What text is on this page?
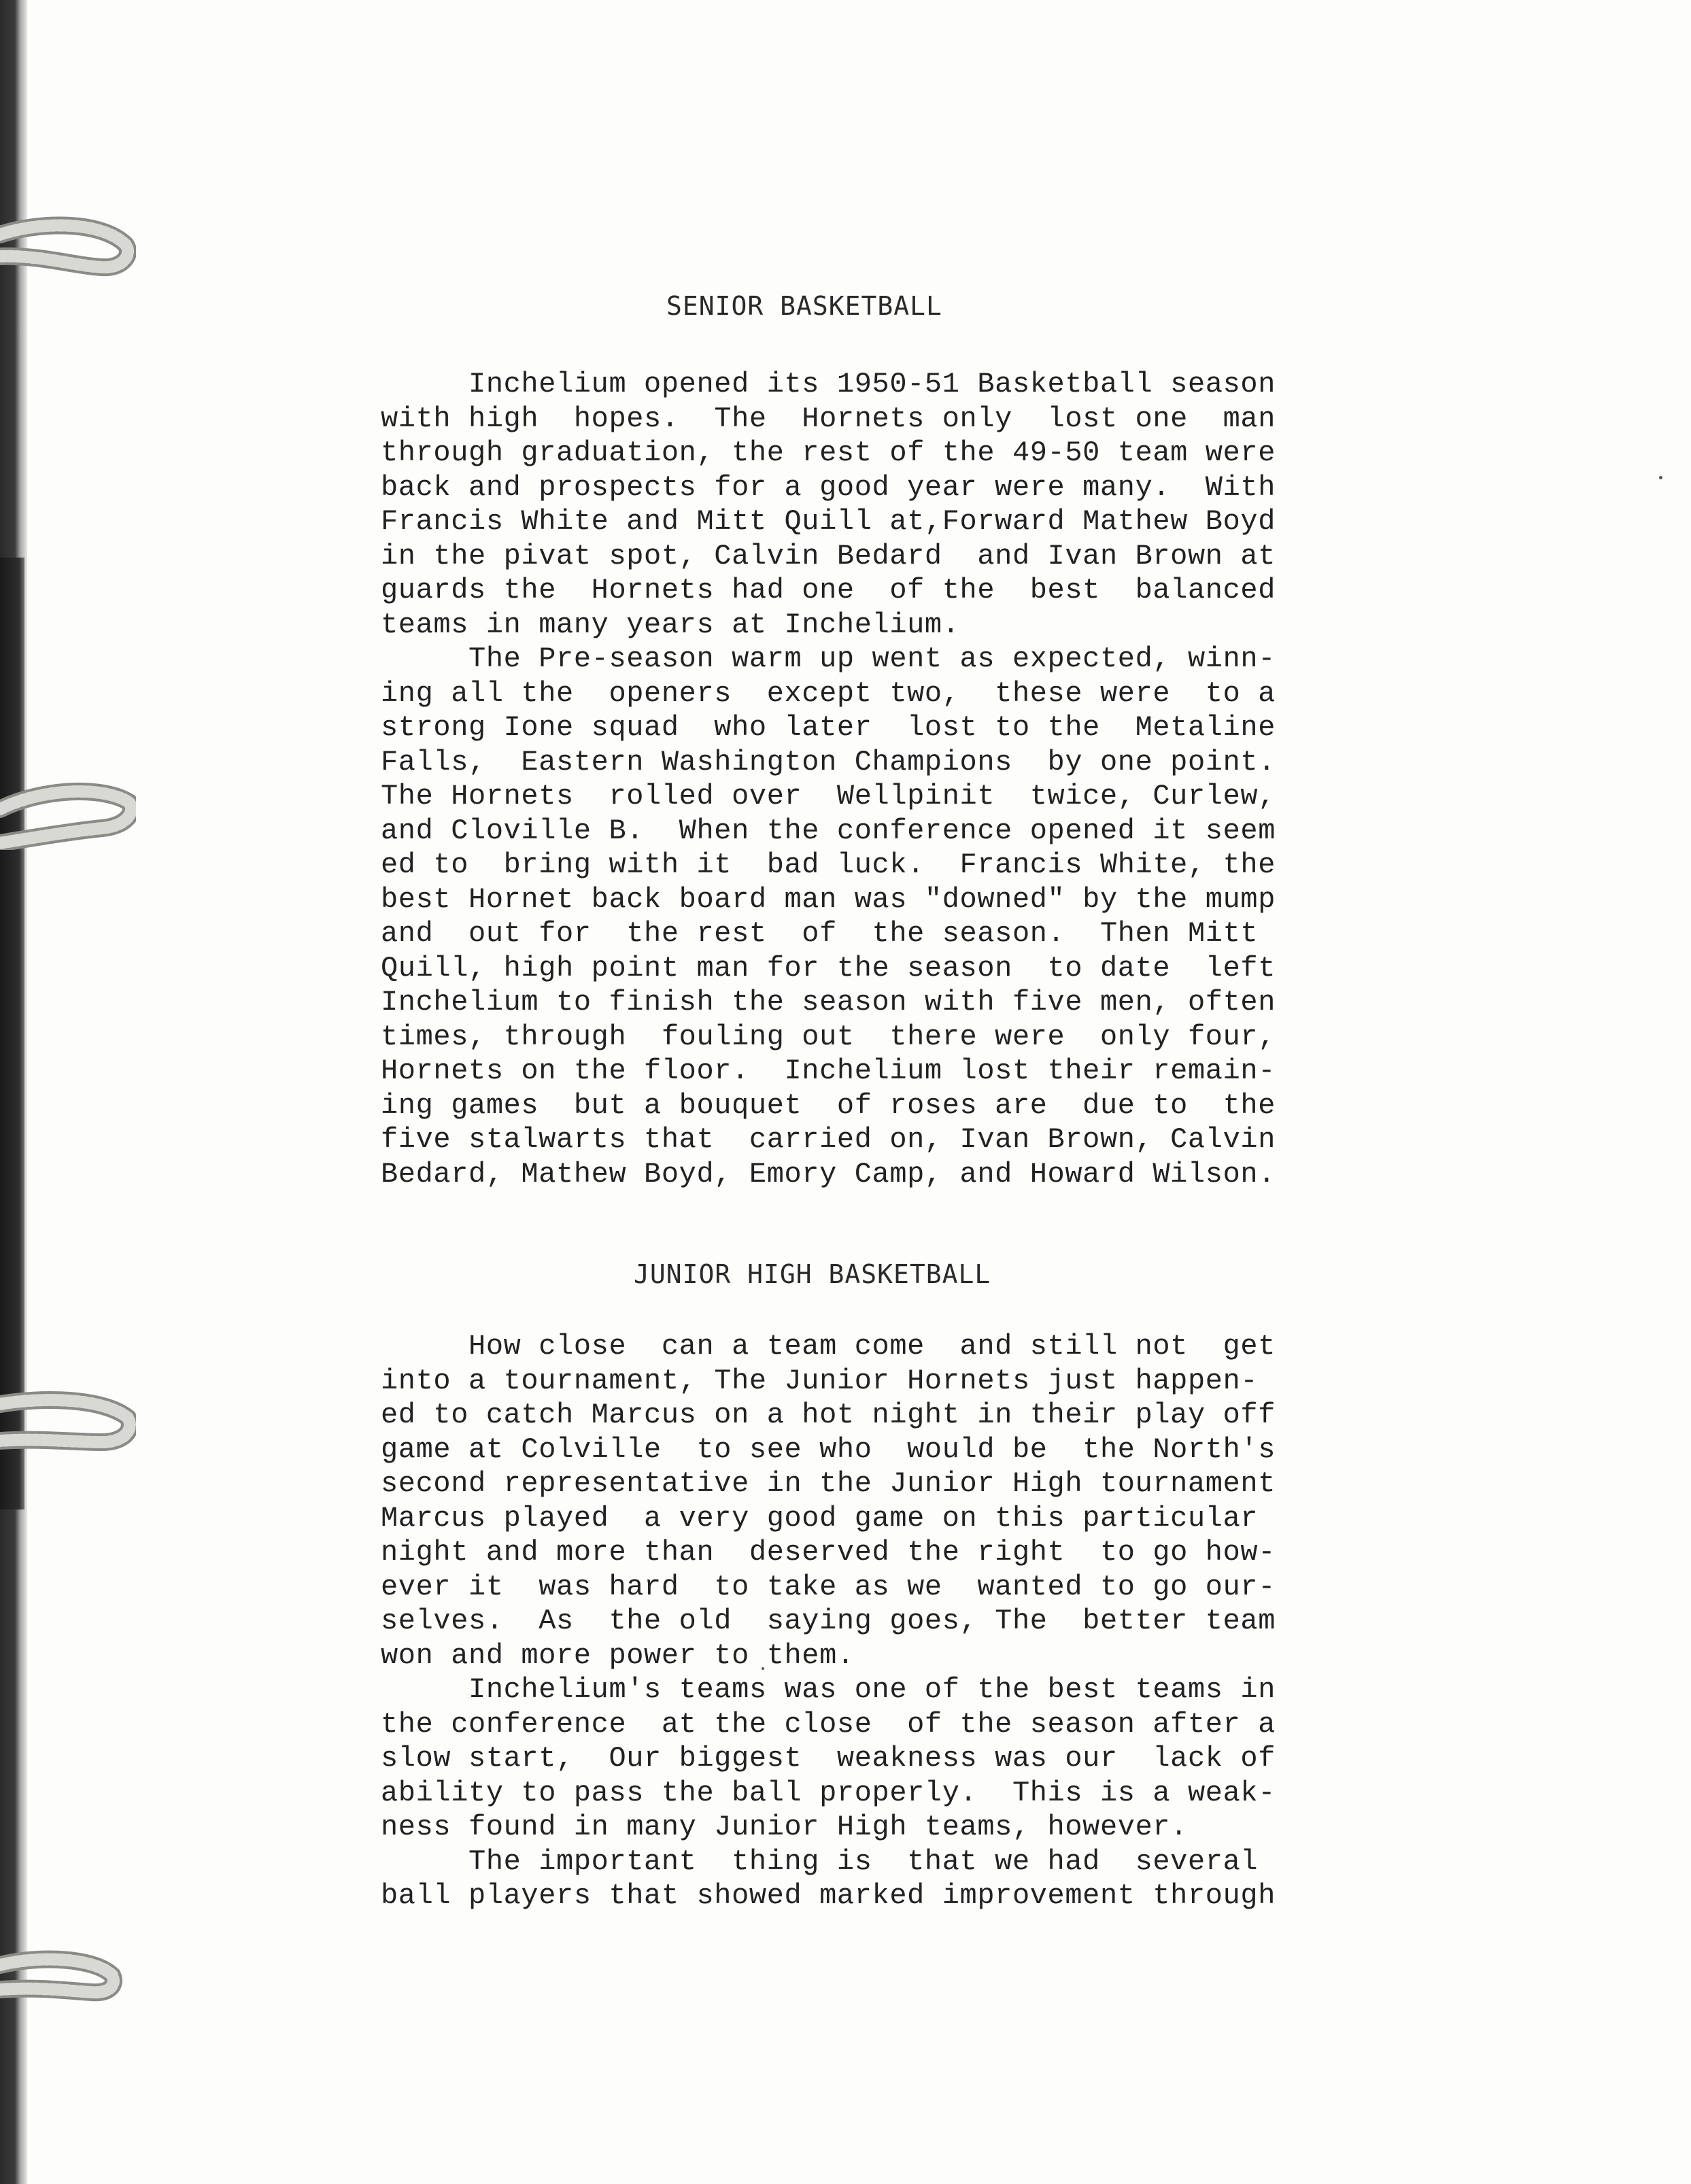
SENIOR BASKETBALL
Inchelium opened its 1950-51 Basketball season
with high  hopes.  The  Hornets only  lost one  man
through graduation, the rest of the 49-50 team were
back and prospects for a good year were many.  With
Francis White and Mitt Quill at,Forward Mathew Boyd
in the pivat spot, Calvin Bedard  and Ivan Brown at
guards the  Hornets had one  of the  best  balanced
teams in many years at Inchelium.
The Pre-season warm up went as expected, winn-
ing all the  openers  except two,  these were  to a
strong Ione squad  who later  lost to the  Metaline
Falls,  Eastern Washington Champions  by one point.
The Hornets  rolled over  Wellpinit  twice, Curlew,
and Cloville B.  When the conference opened it seem
ed to  bring with it  bad luck.  Francis White, the
best Hornet back board man was "downed" by the mump
and  out for  the rest  of  the season.  Then Mitt
Quill, high point man for the season  to date  left
Inchelium to finish the season with five men, often
times, through  fouling out  there were  only four,
Hornets on the floor.  Inchelium lost their remain-
ing games  but a bouquet  of roses are  due to  the
five stalwarts that  carried on, Ivan Brown, Calvin
Bedard, Mathew Boyd, Emory Camp, and Howard Wilson.
JUNIOR HIGH BASKETBALL
How close  can a team come  and still not  get
into a tournament, The Junior Hornets just happen-
ed to catch Marcus on a hot night in their play off
game at Colville  to see who  would be  the North's
second representative in the Junior High tournament
Marcus played  a very good game on this particular
night and more than  deserved the right  to go how-
ever it  was hard  to take as we  wanted to go our-
selves.  As  the old  saying goes, The  better team
won and more power to them.
Inchelium's teams was one of the best teams in
the conference  at the close  of the season after a
slow start,  Our biggest  weakness was our  lack of
ability to pass the ball properly.  This is a weak-
ness found in many Junior High teams, however.
The important  thing is  that we had  several
ball players that showed marked improvement through
